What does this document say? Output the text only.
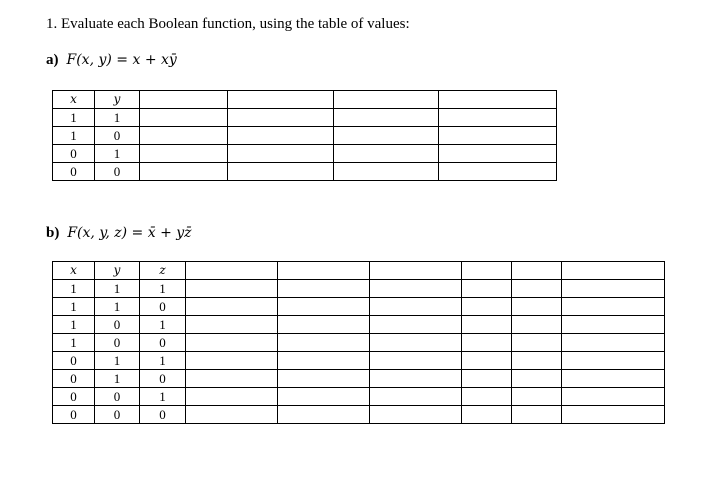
1. Evaluate each Boolean function, using the table of values:
a) F(x, y) = x + xȳ
x	y				
1	1				
1	0				
0	1				
0	0				
b) F(x, y, z) = x̄ + yz̄
x	y	z						
1	1	1						
1	1	0						
1	0	1						
1	0	0						
0	1	1						
0	1	0						
0	0	1						
0	0	0						
